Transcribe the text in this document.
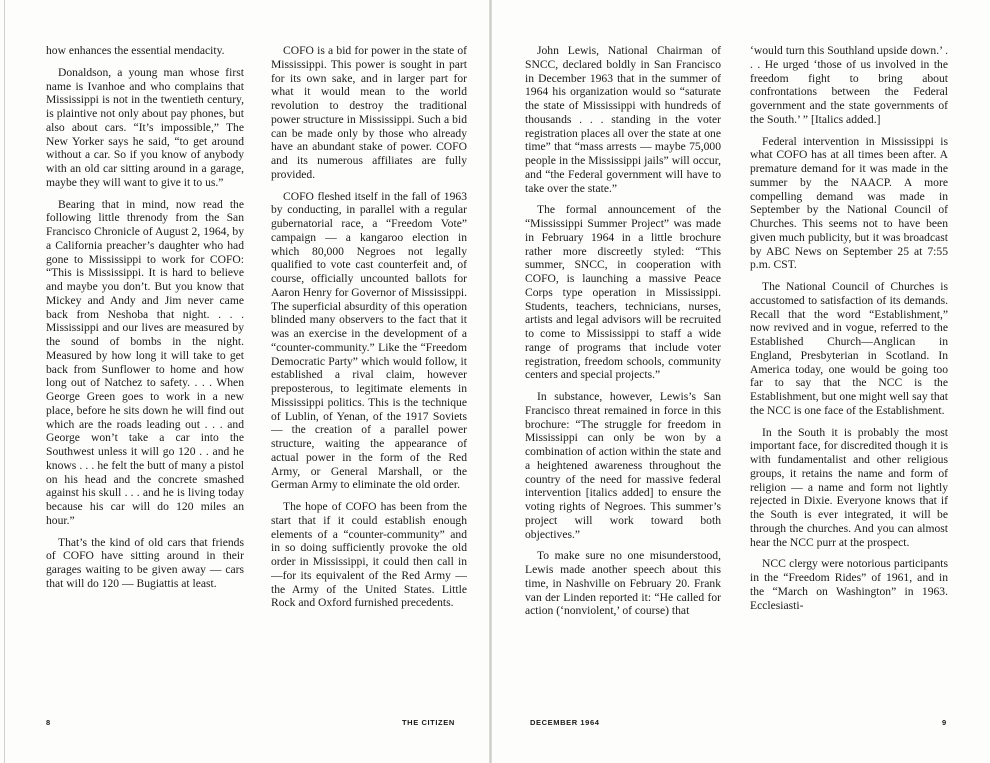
how enhances the essential mendacity.

Donaldson, a young man whose first name is Ivanhoe and who complains that Mississippi is not in the twentieth century, is plaintive not only about pay phones, but also about cars. “It’s impossible,” The New Yorker says he said, “to get around without a car. So if you know of anybody with an old car sitting around in a garage, maybe they will want to give it to us.”

Bearing that in mind, now read the following little threnody from the San Francisco Chronicle of August 2, 1964, by a California preacher’s daughter who had gone to Mississippi to work for COFO: “This is Mississippi. It is hard to believe and maybe you don’t. But you know that Mickey and Andy and Jim never came back from Neshoba that night. . . . Mississippi and our lives are measured by the sound of bombs in the night. Measured by how long it will take to get back from Sunflower to home and how long out of Natchez to safety. . . . When George Green goes to work in a new place, before he sits down he will find out which are the roads leading out . . . and George won’t take a car into the Southwest unless it will go 120 . . and he knows . . . he felt the butt of many a pistol on his head and the concrete smashed against his skull . . . and he is living today because his car will do 120 miles an hour.”

That’s the kind of old cars that friends of COFO have sitting around in their garages waiting to be given away — cars that will do 120 — Bugiattis at least.

COFO is a bid for power in the state of Mississippi. This power is sought in part for its own sake, and in larger part for what it would mean to the world revolution to destroy the traditional power structure in Mississippi. Such a bid can be made only by those who already have an abundant stake of power. COFO and its numerous affiliates are fully provided.

COFO fleshed itself in the fall of 1963 by conducting, in parallel with a regular gubernatorial race, a “Freedom Vote” campaign — a kangaroo election in which 80,000 Negroes not legally qualified to vote cast counterfeit and, of course, officially uncounted ballots for Aaron Henry for Governor of Mississippi. The superficial absurdity of this operation blinded many observers to the fact that it was an exercise in the development of a “counter-community.” Like the “Freedom Democratic Party” which would follow, it established a rival claim, however preposterous, to legitimate elements in Mississippi politics. This is the technique of Lublin, of Yenan, of the 1917 Soviets — the creation of a parallel power structure, waiting the appearance of actual power in the form of the Red Army, or General Marshall, or the German Army to eliminate the old order.

The hope of COFO has been from the start that if it could establish enough elements of a “counter-community” and in so doing sufficiently provoke the old order in Mississippi, it could then call in—for its equivalent of the Red Army — the Army of the United States. Little Rock and Oxford furnished precedents.

8	THE CITIZEN

John Lewis, National Chairman of SNCC, declared boldly in San Francisco in December 1963 that in the summer of 1964 his organization would so “saturate the state of Mississippi with hundreds of thousands . . . standing in the voter registration places all over the state at one time” that “mass arrests — maybe 75,000 people in the Mississippi jails” will occur, and “the Federal government will have to take over the state.”

The formal announcement of the “Mississippi Summer Project” was made in February 1964 in a little brochure rather more discreetly styled: “This summer, SNCC, in cooperation with COFO, is launching a massive Peace Corps type operation in Mississippi. Students, teachers, technicians, nurses, artists and legal advisors will be recruited to come to Mississippi to staff a wide range of programs that include voter registration, freedom schools, community centers and special projects.”

In substance, however, Lewis’s San Francisco threat remained in force in this brochure: “The struggle for freedom in Mississippi can only be won by a combination of action within the state and a heightened awareness throughout the country of the need for massive federal intervention [italics added] to ensure the voting rights of Negroes. This summer’s project will work toward both objectives.”

To make sure no one misunderstood, Lewis made another speech about this time, in Nashville on February 20. Frank van der Linden reported it: “He called for action (‘nonviolent,’ of course) that

‘would turn this Southland upside down.’ . . . He urged ‘those of us involved in the freedom fight to bring about confrontations between the Federal government and the state governments of the South.’ ” [Italics added.]

Federal intervention in Mississippi is what COFO has at all times been after. A premature demand for it was made in the summer by the NAACP. A more compelling demand was made in September by the National Council of Churches. This seems not to have been given much publicity, but it was broadcast by ABC News on September 25 at 7:55 p.m. CST.

The National Council of Churches is accustomed to satisfaction of its demands. Recall that the word “Establishment,” now revived and in vogue, referred to the Established Church—Anglican in England, Presbyterian in Scotland. In America today, one would be going too far to say that the NCC is the Establishment, but one might well say that the NCC is one face of the Establishment.

In the South it is probably the most important face, for discredited though it is with fundamentalist and other religious groups, it retains the name and form of religion — a name and form not lightly rejected in Dixie. Everyone knows that if the South is ever integrated, it will be through the churches. And you can almost hear the NCC purr at the prospect.

NCC clergy were notorious participants in the “Freedom Rides” of 1961, and in the “March on Washington” in 1963. Ecclesiasti-

DECEMBER 1964	9
